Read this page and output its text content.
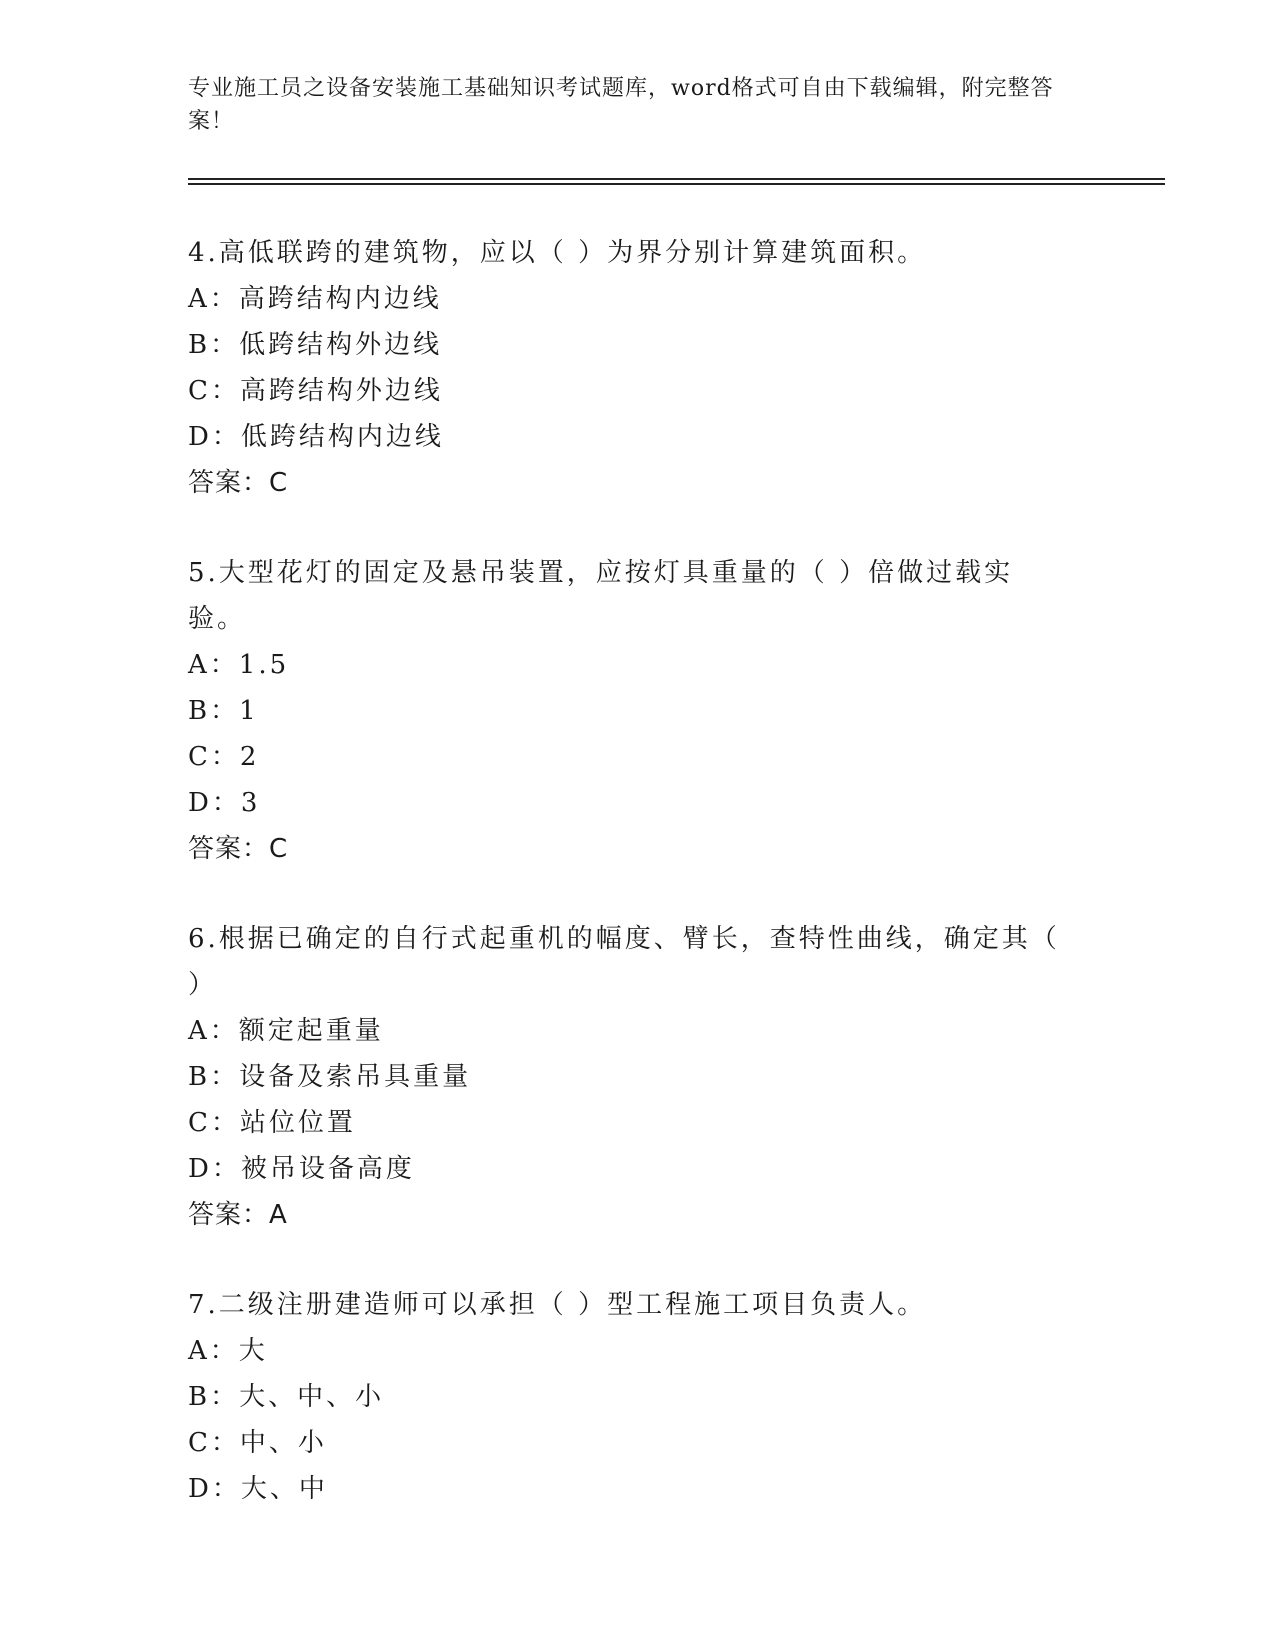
专业施工员之设备安装施工基础知识考试题库，word格式可自由下载编辑，附完整答案！

4.高低联跨的建筑物，应以（ ）为界分别计算建筑面积。

A：高跨结构内边线

B：低跨结构外边线

C：高跨结构外边线

D：低跨结构内边线

答案：C

5.大型花灯的固定及悬吊装置，应按灯具重量的（ ）倍做过载实验。

A：1.5

B：1

C：2

D：3

答案：C

6.根据已确定的自行式起重机的幅度、臂长，查特性曲线，确定其（ ）

A：额定起重量

B：设备及索吊具重量

C：站位位置

D：被吊设备高度

答案：A

7.二级注册建造师可以承担（ ）型工程施工项目负责人。

A：大

B：大、中、小

C：中、小

D：大、中
